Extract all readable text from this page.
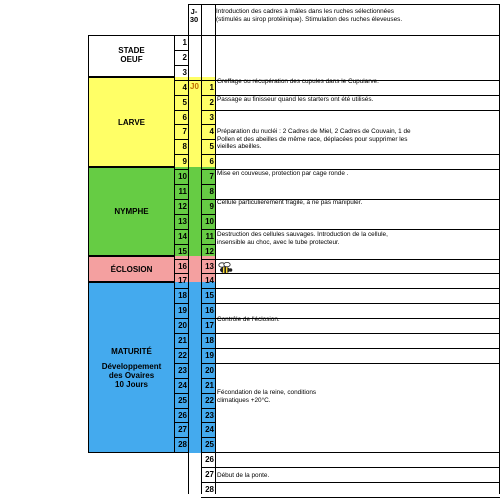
J-
30
Introduction des cadres à mâles dans les ruches sélectionnées (stimulés au sirop protéinique). Stimulation des ruches éleveuses.
STADE
OEUF
LARVE
NYMPHE
ÉCLOSION
MATURITÉ
Développement
des Ovaires
10 Jours
1
2
3
4
5
6
7
8
9
10
11
12
13
14
15
16
17
18
19
20
21
22
23
24
25
26
27
28
1
2
3
4
5
6
7
8
9
10
11
12
13
14
15
16
17
18
19
20
21
22
23
24
25
26
27
28
J0
Greffage ou récupération des cupules dans le Cupularve.
Passage au finisseur quand les starters ont été utilisés.
Préparation du nucléi : 2 Cadres de Miel, 2 Cadres de Couvain, 1 de Pollen et des abeilles de même race, déplacées pour supprimer les vieilles abeilles.
Mise en couveuse, protection par cage ronde .
Cellule particulièrement fragile, à ne pas manipuler.
Destruction des cellules sauvages. Introduction de la cellule, insensible au choc, avec le tube protecteur.
Contrôle de l'éclosion.
Fécondation de la reine, conditions climatiques +20°C.
Début de la ponte.
